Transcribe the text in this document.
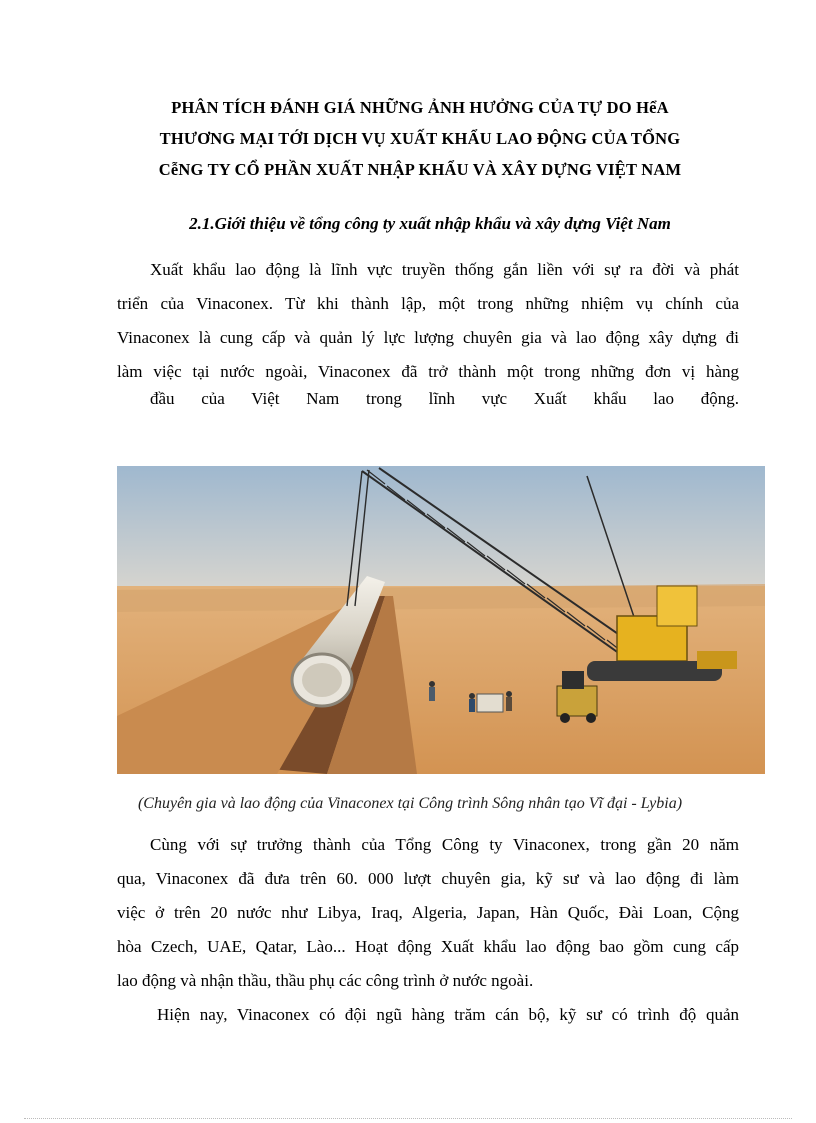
PHÂN TÍCH ĐÁNH GIÁ NHỮNG ẢNH HƯỞNG CỦA TỰ DO HểA
THƯƠNG MẠI TỚI DỊCH VỤ XUẤT KHẨU LAO ĐỘNG CỦA TỔNG
CễNG TY CỔ PHẦN XUẤT NHẬP KHẨU VÀ XÂY DỰNG VIỆT NAM
2.1.Giới thiệu về tổng công ty xuất nhập khẩu và xây dựng Việt Nam
Xuất khẩu lao động là lĩnh vực truyền thống gắn liền với sự ra đời và phát
triển của Vinaconex. Từ khi thành lập, một trong những nhiệm vụ chính của
Vinaconex là cung cấp và quản lý lực lượng chuyên gia và lao động xây dựng đi
làm việc tại nước ngoài, Vinaconex đã trở thành một trong những đơn vị hàng
đầu của Việt Nam trong lĩnh vực Xuất khẩu lao động.
(Chuyên gia và lao động của Vinaconex tại Công trình Sông nhân tạo Vĩ đại - Lybia)
Cùng với sự trưởng thành của Tổng Công ty Vinaconex, trong gần 20 năm
qua, Vinaconex đã đưa trên 60. 000 lượt chuyên gia, kỹ sư và lao động đi làm
việc ở trên 20 nước như Libya, Iraq, Algeria, Japan, Hàn Quốc, Đài Loan, Cộng
hòa Czech, UAE, Qatar, Lào... Hoạt động Xuất khẩu lao động bao gồm cung cấp
lao động và nhận thầu, thầu phụ các công trình ở nước ngoài.
Hiện nay, Vinaconex có đội ngũ hàng trăm cán bộ, kỹ sư có trình độ quản
